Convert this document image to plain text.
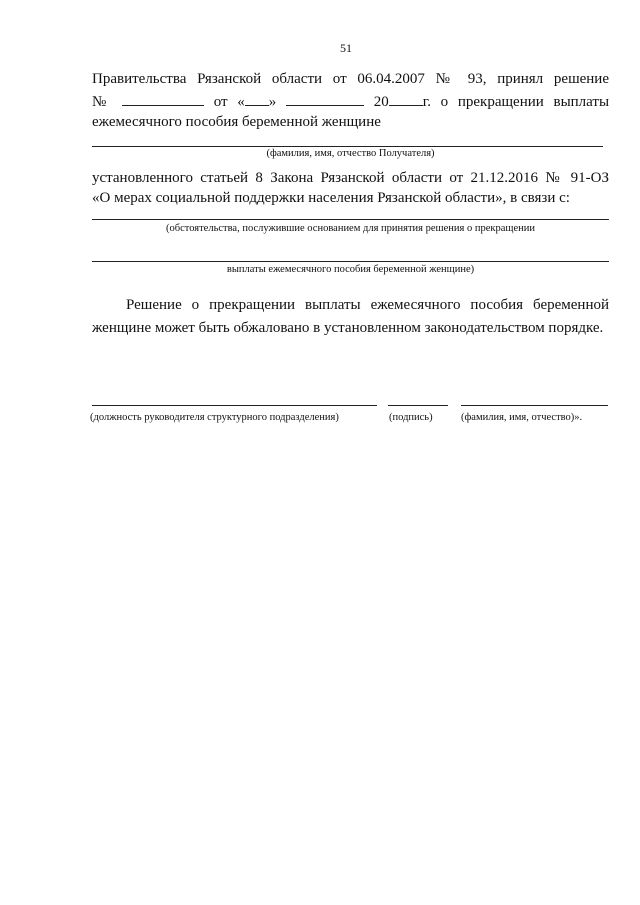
51
Правительства Рязанской области от 06.04.2007 № 93, принял решение
№	от « »	20 г. о прекращении выплаты
ежемесячного пособия беременной женщине
(фамилия, имя, отчество Получателя)
установленного статьей 8 Закона Рязанской области от 21.12.2016 № 91-ОЗ
«О мерах социальной поддержки населения Рязанской области», в связи с:
(обстоятельства, послужившие основанием для принятия решения о прекращении
выплаты ежемесячного пособия беременной женщине)
Решение о прекращении выплаты ежемесячного пособия беременной
женщине может быть обжаловано в установленном законодательством порядке.
(должность руководителя структурного подразделения)	(подпись)	(фамилия, имя, отчество)».
